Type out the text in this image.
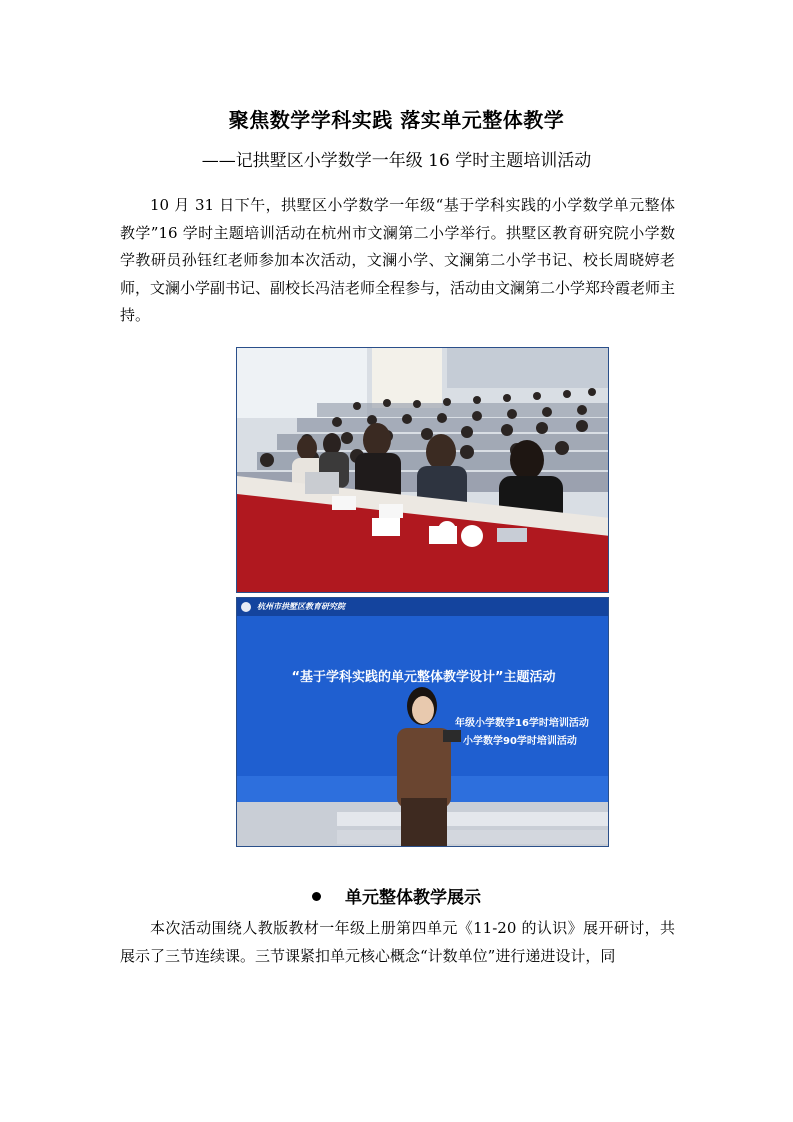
聚焦数学学科实践 落实单元整体教学
——记拱墅区小学数学一年级 16 学时主题培训活动

10 月 31 日下午，拱墅区小学数学一年级“基于学科实践的小学数学单元整体教学”16 学时主题培训活动在杭州市文澜第二小学举行。拱墅区教育研究院小学数学教研员孙钰红老师参加本次活动，文澜小学、文澜第二小学书记、校长周晓婷老师，文澜小学副书记、副校长冯洁老师全程参与，活动由文澜第二小学郑玲霞老师主持。

杭州市拱墅区教育研究院
“基于学科实践的单元整体教学设计”主题活动
年级小学数学16学时培训活动
小学数学90学时培训活动
单元整体教学展示

本次活动围绕人教版教材一年级上册第四单元《11-20 的认识》展开研讨，共展示了三节连续课。三节课紧扣单元核心概念“计数单位”进行递进设计，同
